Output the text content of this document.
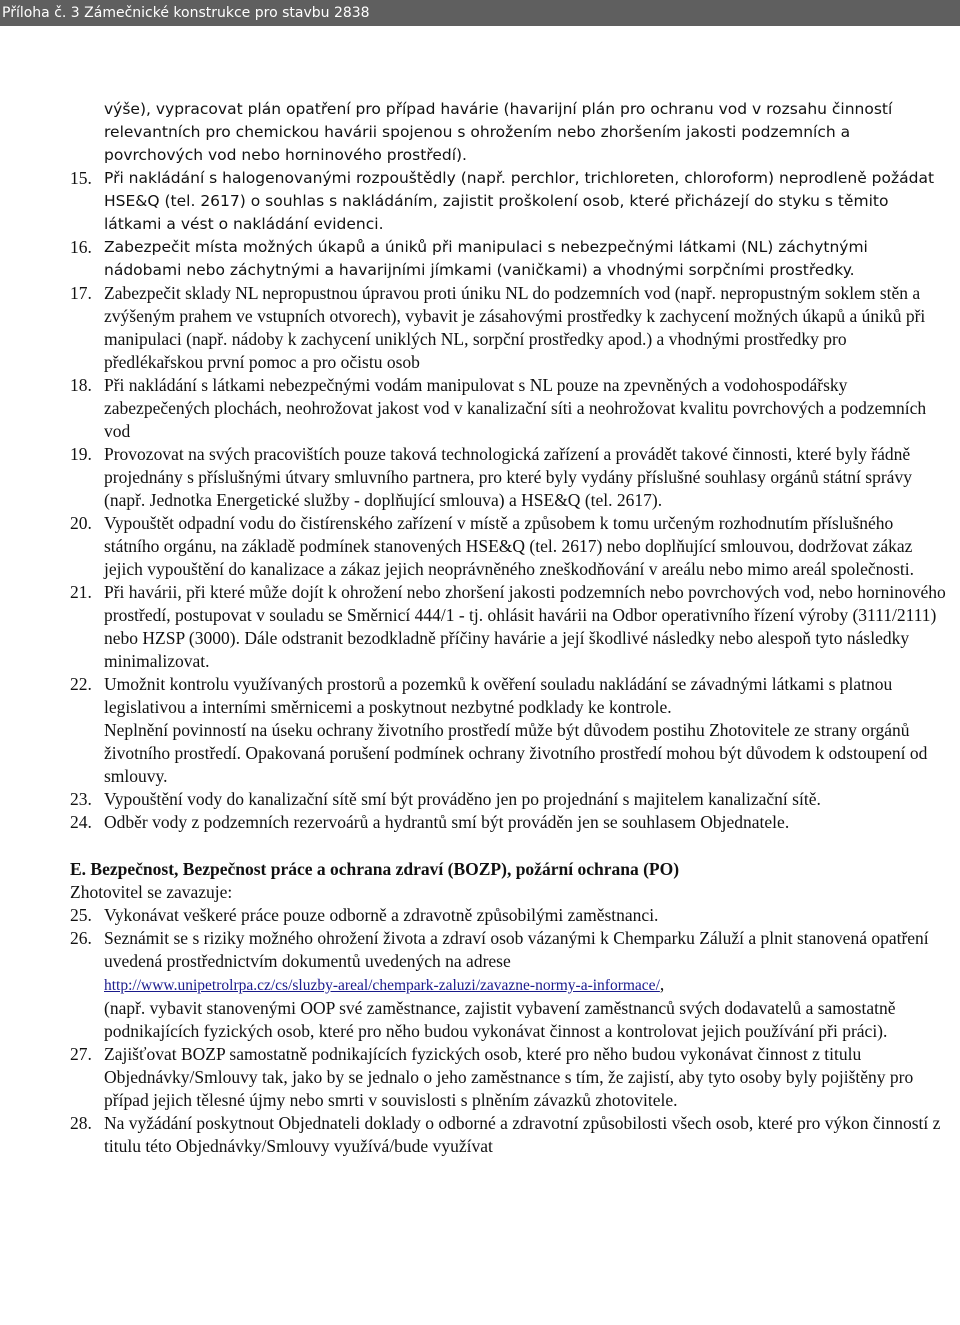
Příloha č. 3 Zámečnické konstrukce pro stavbu 2838

výše), vypracovat plán opatření pro případ havárie (havarijní plán pro ochranu vod v rozsahu činností relevantních pro chemickou havárii spojenou s ohrožením nebo zhoršením jakosti podzemních a povrchových vod nebo horninového prostředí).

15. Při nakládání s halogenovanými rozpouštědly (např. perchlor, trichloreten, chloroform) neprodleně požádat HSE&Q (tel. 2617) o souhlas s nakládáním, zajistit proškolení osob, které přicházejí do styku s těmito látkami a vést o nakládání evidenci.
16. Zabezpečit místa možných úkapů a úniků při manipulaci s nebezpečnými látkami (NL) záchytnými nádobami nebo záchytnými a havarijními jímkami (vaničkami) a vhodnými sorpčními prostředky.
17. Zabezpečit sklady NL nepropustnou úpravou proti úniku NL do podzemních vod (např. nepropustným soklem stěn a zvýšeným prahem ve vstupních otvorech), vybavit je zásahovými prostředky k zachycení možných úkapů a úniků při manipulaci (např. nádoby k zachycení uniklých NL, sorpční prostředky apod.) a vhodnými prostředky pro předlékařskou první pomoc a pro očistu osob
18. Při nakládání s látkami nebezpečnými vodám manipulovat s NL pouze na zpevněných a vodohospodářsky zabezpečených plochách, neohrožovat jakost vod v kanalizační síti a neohrožovat kvalitu povrchových a podzemních vod
19. Provozovat na svých pracovištích pouze taková technologická zařízení a provádět takové činnosti, které byly řádně projednány s příslušnými útvary smluvního partnera, pro které byly vydány příslušné souhlasy orgánů státní správy (např. Jednotka Energetické služby - doplňující smlouva) a HSE&Q (tel. 2617).
20. Vypouštět odpadní vodu do čistírenského zařízení v místě a způsobem k tomu určeným rozhodnutím příslušného státního orgánu, na základě podmínek stanovených HSE&Q (tel. 2617) nebo doplňující smlouvou, dodržovat zákaz jejich vypouštění do kanalizace a zákaz jejich neoprávněného zneškodňování v areálu nebo mimo areál společnosti.
21. Při havárii, při které může dojít k ohrožení nebo zhoršení jakosti podzemních nebo povrchových vod, nebo horninového prostředí, postupovat v souladu se Směrnicí 444/1 - tj. ohlásit havárii na Odbor operativního řízení výroby (3111/2111) nebo HZSP (3000). Dále odstranit bezodkladně příčiny havárie a její škodlivé následky nebo alespoň tyto následky minimalizovat.
22. Umožnit kontrolu využívaných prostorů a pozemků k ověření souladu nakládání se závadnými látkami s platnou legislativou a interními směrnicemi a poskytnout nezbytné podklady ke kontrole.

Neplnění povinností na úseku ochrany životního prostředí může být důvodem postihu Zhotovitele ze strany orgánů životního prostředí. Opakovaná porušení podmínek ochrany životního prostředí mohou být důvodem k odstoupení od smlouvy.

23. Vypouštění vody do kanalizační sítě smí být prováděno jen po projednání s majitelem kanalizační sítě.
24. Odběr vody z podzemních rezervoárů a hydrantů smí být prováděn jen se souhlasem Objednatele.

E. Bezpečnost, Bezpečnost práce a ochrana zdraví (BOZP), požární ochrana (PO)

Zhotovitel se zavazuje:

25. Vykonávat veškeré práce pouze odborně a zdravotně způsobilými zaměstnanci.
26. Seznámit se s riziky možného ohrožení života a zdraví osob vázanými k Chemparku Záluží a plnit stanovená opatření uvedená prostřednictvím dokumentů uvedených na adrese
http://www.unipetrolrpa.cz/cs/sluzby-areal/chempark-zaluzi/zavazne-normy-a-informace/,
(např. vybavit stanovenými OOP své zaměstnance, zajistit vybavení zaměstnanců svých dodavatelů a samostatně podnikajících fyzických osob, které pro něho budou vykonávat činnost a kontrolovat jejich používání při práci).
27. Zajišťovat BOZP samostatně podnikajících fyzických osob, které pro něho budou vykonávat činnost z titulu Objednávky/Smlouvy tak, jako by se jednalo o jeho zaměstnance s tím, že zajistí, aby tyto osoby byly pojištěny pro případ jejich tělesné újmy nebo smrti v souvislosti s plněním závazků zhotovitele.
28. Na vyžádání poskytnout Objednateli doklady o odborné a zdravotní způsobilosti všech osob, které pro výkon činností z titulu této Objednávky/Smlouvy využívá/bude využívat
